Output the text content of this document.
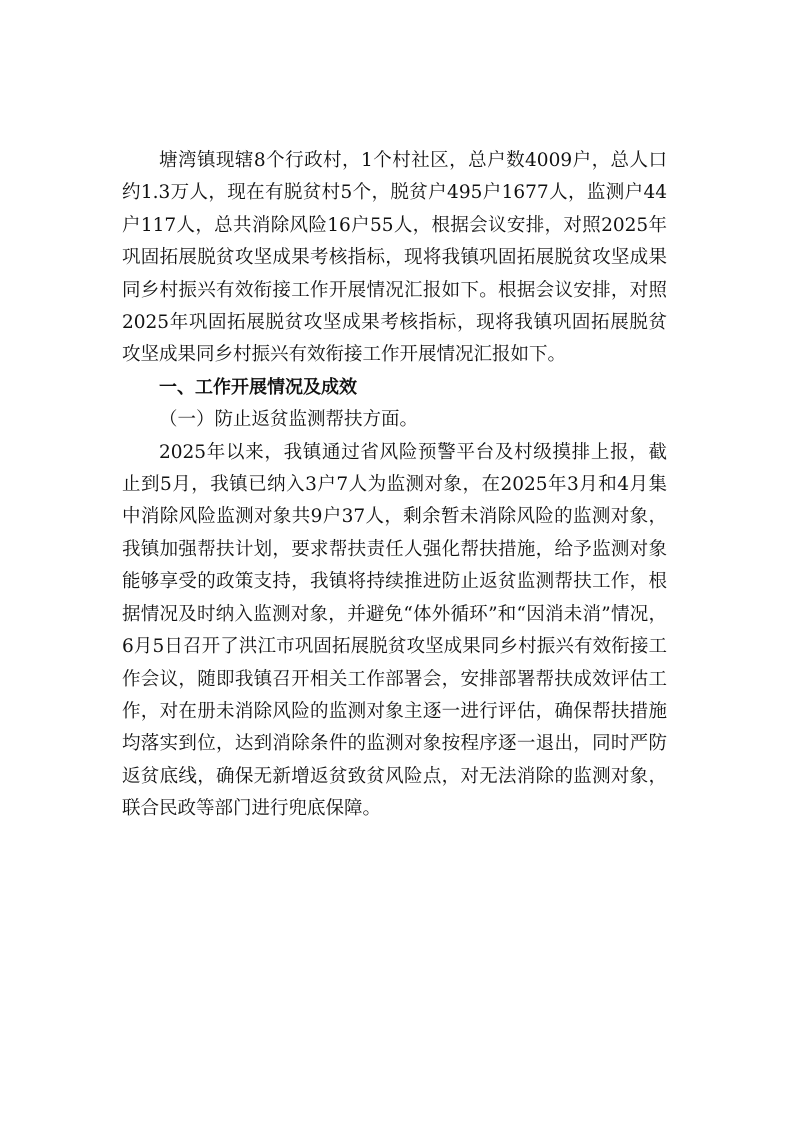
塘湾镇现辖8个行政村，1个村社区，总户数4009户，总人口约1.3万人，现在有脱贫村5个，脱贫户495户1677人，监测户44户117人，总共消除风险16户55人，根据会议安排，对照2025年巩固拓展脱贫攻坚成果考核指标，现将我镇巩固拓展脱贫攻坚成果同乡村振兴有效衔接工作开展情况汇报如下。根据会议安排，对照2025年巩固拓展脱贫攻坚成果考核指标，现将我镇巩固拓展脱贫攻坚成果同乡村振兴有效衔接工作开展情况汇报如下。

一、工作开展情况及成效

（一）防止返贫监测帮扶方面。

2025年以来，我镇通过省风险预警平台及村级摸排上报，截止到5月，我镇已纳入3户7人为监测对象，在2025年3月和4月集中消除风险监测对象共9户37人，剩余暂未消除风险的监测对象，我镇加强帮扶计划，要求帮扶责任人强化帮扶措施，给予监测对象能够享受的政策支持，我镇将持续推进防止返贫监测帮扶工作，根据情况及时纳入监测对象，并避免“体外循环”和“因消未消”情况，6月5日召开了洪江市巩固拓展脱贫攻坚成果同乡村振兴有效衔接工作会议，随即我镇召开相关工作部署会，安排部署帮扶成效评估工作，对在册未消除风险的监测对象主逐一进行评估，确保帮扶措施均落实到位，达到消除条件的监测对象按程序逐一退出，同时严防返贫底线，确保无新增返贫致贫风险点，对无法消除的监测对象，联合民政等部门进行兜底保障。
